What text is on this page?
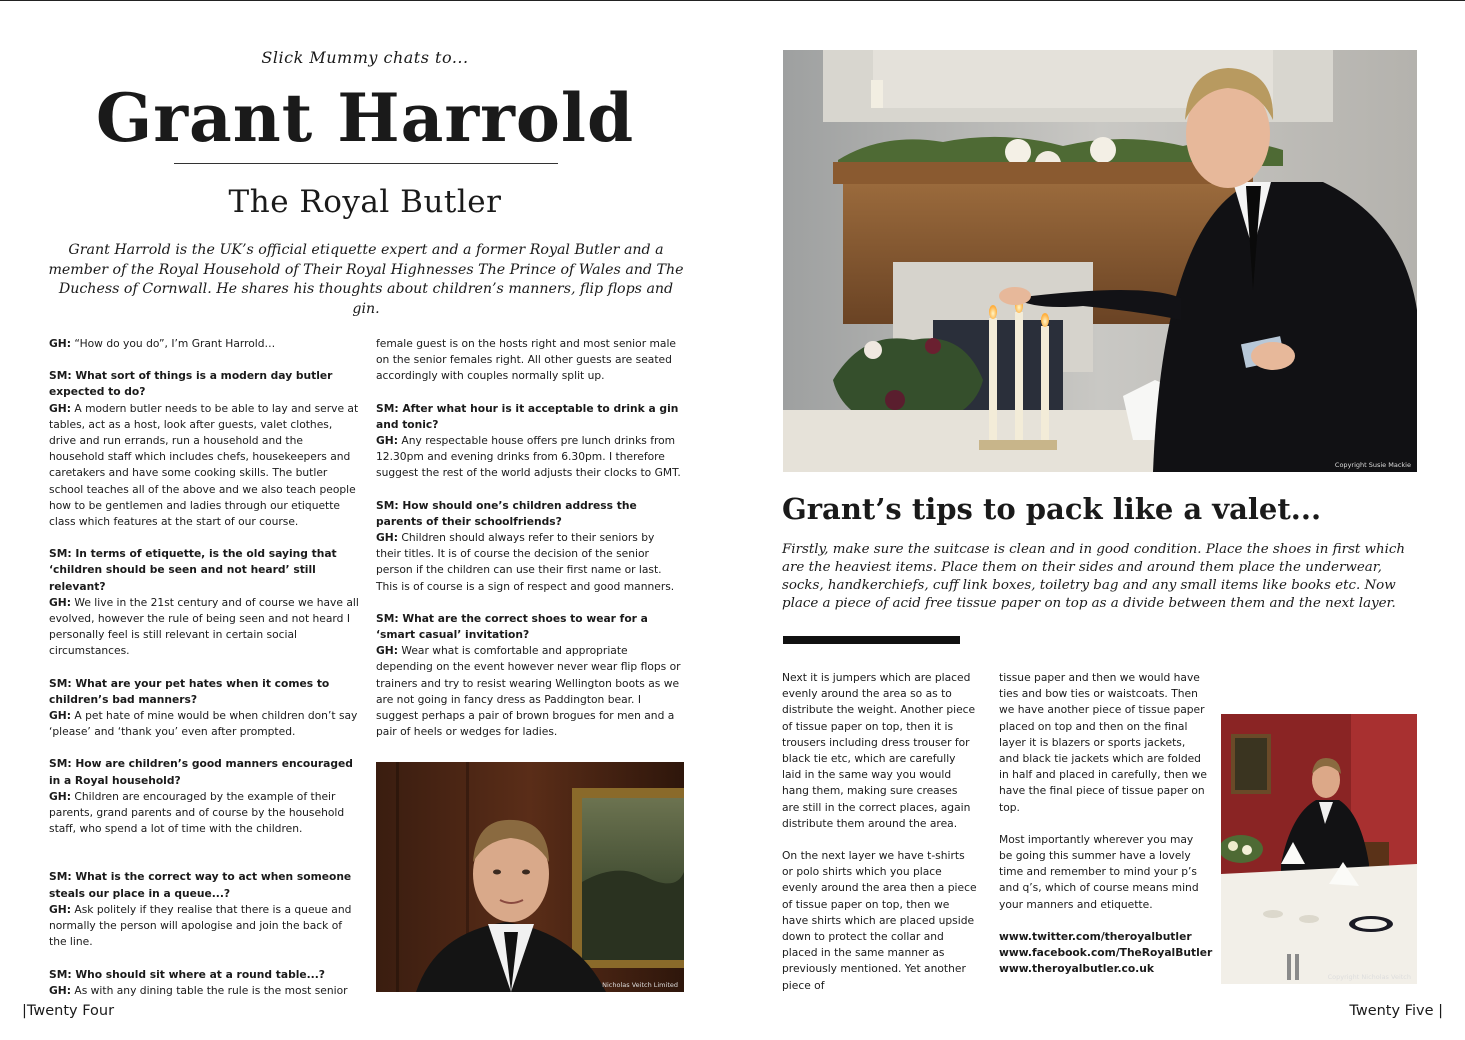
Slick Mummy chats to...
Grant Harrold
The Royal Butler
Grant Harrold is the UK’s official etiquette expert and a former Royal Butler and a member of the Royal Household of Their Royal Highnesses The Prince of Wales and The Duchess of Cornwall. He shares his thoughts about children’s manners, flip flops and gin.

GH: “How do you do”, I’m Grant Harrold…

SM: What sort of things is a modern day butler expected to do?
GH: A modern butler needs to be able to lay and serve at tables, act as a host, look after guests, valet clothes, drive and run errands, run a household and the household staff which includes chefs, housekeepers and caretakers and have some cooking skills. The butler school teaches all of the above and we also teach people how to be gentlemen and ladies through our etiquette class which features at the start of our course.

SM: In terms of etiquette, is the old saying that ‘children should be seen and not heard’ still relevant?
GH: We live in the 21st century and of course we have all evolved, however the rule of being seen and not heard I personally feel is still relevant in certain social circumstances.

SM: What are your pet hates when it comes to children’s bad manners?
GH: A pet hate of mine would be when children don’t say ‘please’ and ‘thank you’ even after prompted.

SM: How are children’s good manners encouraged in a Royal household?
GH: Children are encouraged by the example of their parents, grand parents and of course by the household staff, who spend a lot of time with the children.

SM: What is the correct way to act when someone steals our place in a queue...?
GH: Ask politely if they realise that there is a queue and normally the person will apologise and join the back of the line.

SM: Who should sit where at a round table...?
GH: As with any dining table the rule is the most senior

female guest is on the hosts right and most senior male on the senior females right. All other guests are seated accordingly with couples normally split up.

SM: After what hour is it acceptable to drink a gin and tonic?
GH: Any respectable house offers pre lunch drinks from 12.30pm and evening drinks from 6.30pm. I therefore suggest the rest of the world adjusts their clocks to GMT.

SM: How should one’s children address the parents of their schoolfriends?
GH: Children should always refer to their seniors by their titles. It is of course the decision of the senior person if the children can use their first name or last. This is of course is a sign of respect and good manners.

SM: What are the correct shoes to wear for a ‘smart casual’ invitation?
GH: Wear what is comfortable and appropriate depending on the event however never wear flip flops or trainers and try to resist wearing Wellington boots as we are not going in fancy dress as Paddington bear. I suggest perhaps a pair of brown brogues for men and a pair of heels or wedges for ladies.

Nicholas Veitch Limited
|Twenty Four
Copyright Susie Mackie
Grant’s tips to pack like a valet...
Firstly, make sure the suitcase is clean and in good condition. Place the shoes in first which are the heaviest items. Place them on their sides and around them place the underwear, socks, handkerchiefs, cuff link boxes, toiletry bag and any small items like books etc. Now place a piece of acid free tissue paper on top as a divide between them and the next layer.

Next it is jumpers which are placed evenly around the area so as to distribute the weight. Another piece of tissue paper on top, then it is trousers including dress trouser for black tie etc, which are carefully laid in the same way you would hang them, making sure creases are still in the correct places, again distribute them around the area.

On the next layer we have t-shirts or polo shirts which you place evenly around the area then a piece of tissue paper on top, then we have shirts which are placed upside down to protect the collar and placed in the same manner as previously mentioned. Yet another piece of

tissue paper and then we would have ties and bow ties or waistcoats. Then we have another piece of tissue paper placed on top and then on the final layer it is blazers or sports jackets, and black tie jackets which are folded in half and placed in carefully, then we have the final piece of tissue paper on top.

Most importantly wherever you may be going this summer have a lovely time and remember to mind your p’s and q’s, which of course means mind your manners and etiquette.

www.twitter.com/theroyalbutler
www.facebook.com/TheRoyalButler
www.theroyalbutler.co.uk

Copyright Nicholas Veitch
Twenty Five |
